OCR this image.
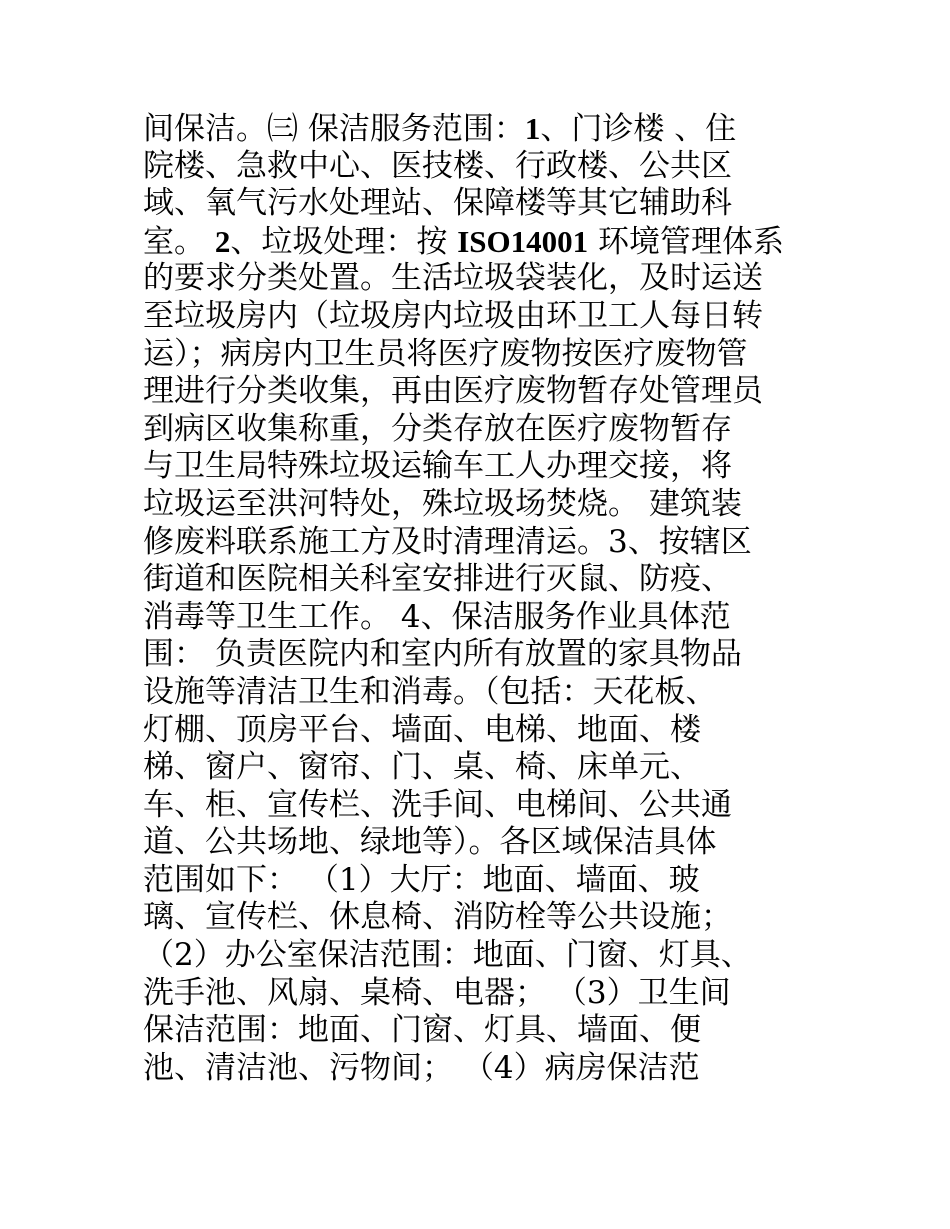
间保洁。㈢ 保洁服务范围：1、门诊楼 、住
院楼、急救中心、医技楼、行政楼、公共区
域、氧气污水处理站、保障楼等其它辅助科
室。 2、垃圾处理：按 ISO14001 环境管理体系
的要求分类处置。生活垃圾袋装化，及时运送
至垃圾房内（垃圾房内垃圾由环卫工人每日转
运）；病房内卫生员将医疗废物按医疗废物管
理进行分类收集，再由医疗废物暂存处管理员
到病区收集称重，分类存放在医疗废物暂存
与卫生局特殊垃圾运输车工人办理交接，将
垃圾运至洪河特处，殊垃圾场焚烧。 建筑装
修废料联系施工方及时清理清运。3、按辖区
街道和医院相关科室安排进行灭鼠、防疫、
消毒等卫生工作。 4、保洁服务作业具体范
围： 负责医院内和室内所有放置的家具物品
设施等清洁卫生和消毒。（包括：天花板、
灯棚、顶房平台、墙面、电梯、地面、楼
梯、窗户、窗帘、门、桌、椅、床单元、
车、柜、宣传栏、洗手间、电梯间、公共通
道、公共场地、绿地等）。各区域保洁具体
范围如下： （1）大厅：地面、墙面、玻
璃、宣传栏、休息椅、消防栓等公共设施；
（2）办公室保洁范围：地面、门窗、灯具、
洗手池、风扇、桌椅、电器； （3）卫生间
保洁范围：地面、门窗、灯具、墙面、便
池、清洁池、污物间； （4）病房保洁范
